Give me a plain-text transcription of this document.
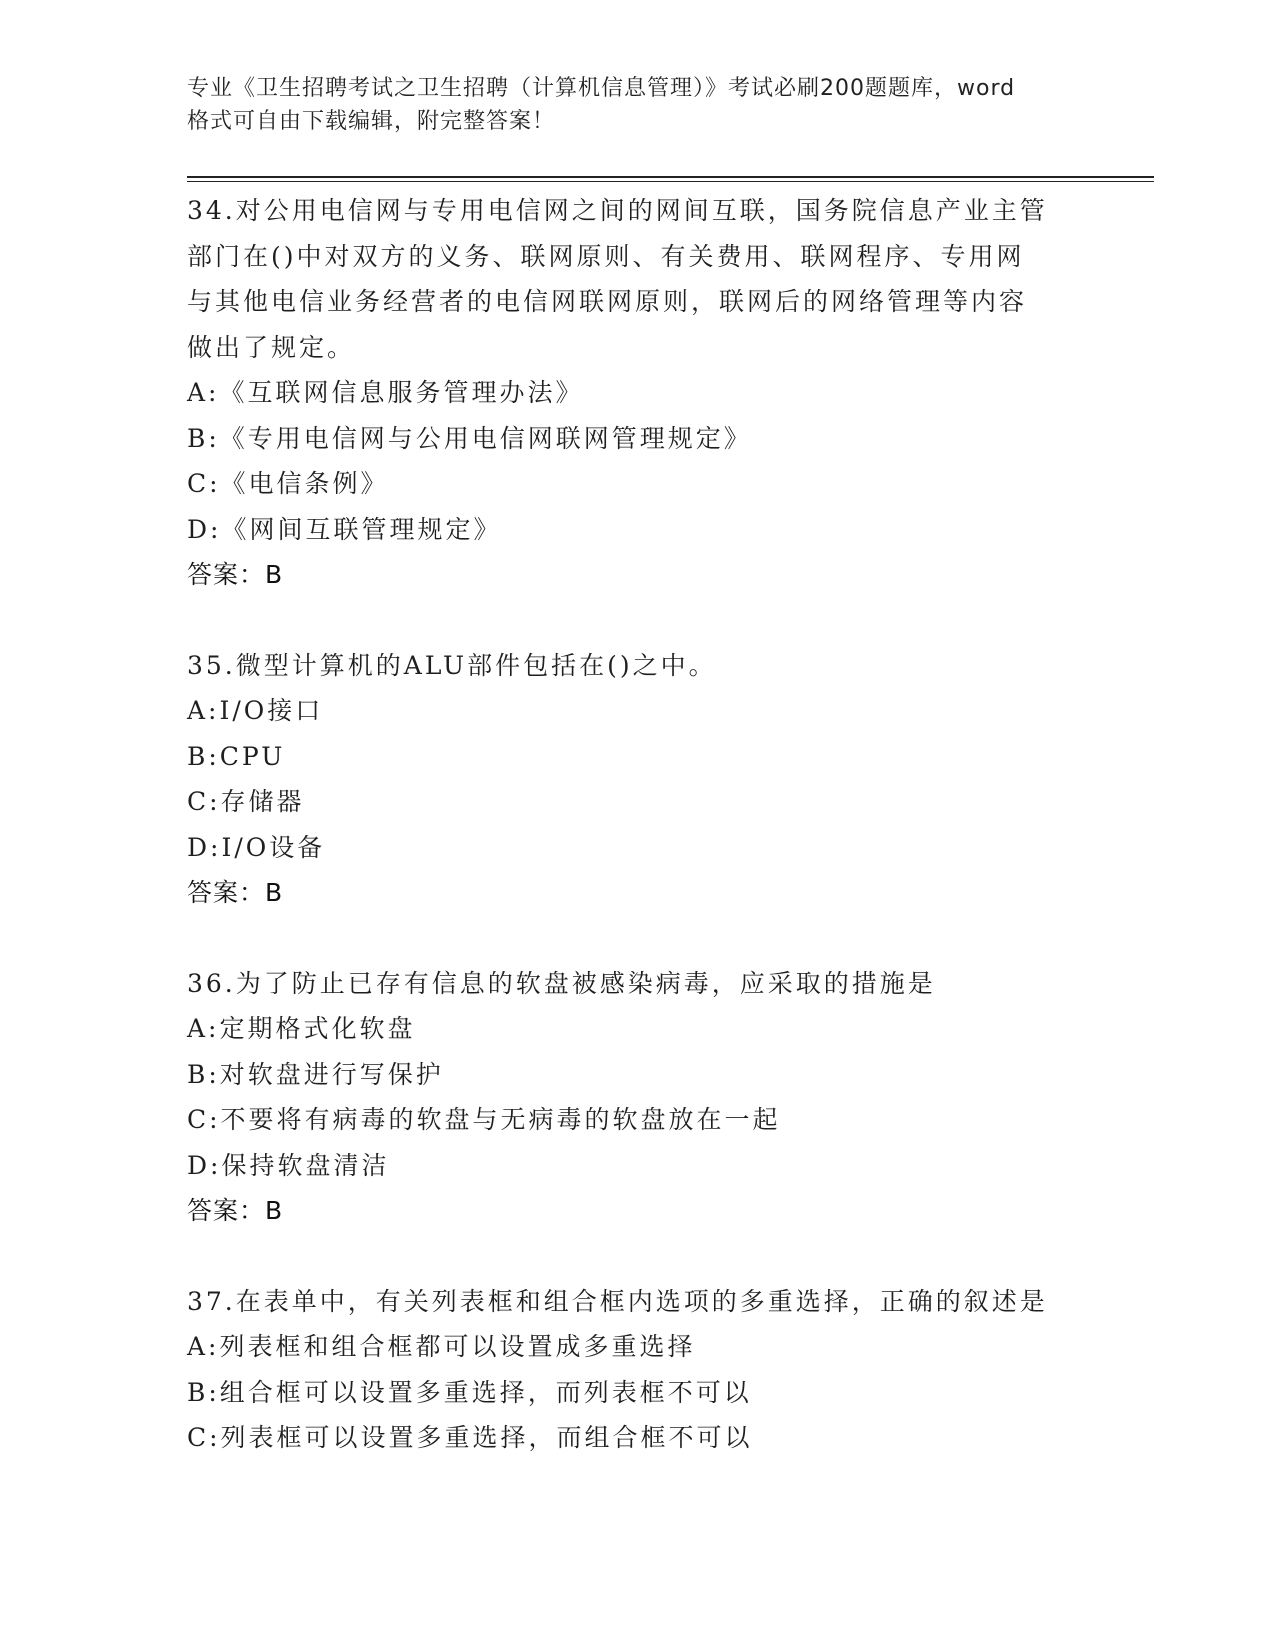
专业《卫生招聘考试之卫生招聘（计算机信息管理）》考试必刷200题题库，word
格式可自由下载编辑，附完整答案！
34.对公用电信网与专用电信网之间的网间互联，国务院信息产业主管
部门在()中对双方的义务、联网原则、有关费用、联网程序、专用网
与其他电信业务经营者的电信网联网原则，联网后的网络管理等内容
做出了规定。
A:《互联网信息服务管理办法》
B:《专用电信网与公用电信网联网管理规定》
C:《电信条例》
D:《网间互联管理规定》
答案：B
35.微型计算机的ALU部件包括在()之中。
A:I/O接口
B:CPU
C:存储器
D:I/O设备
答案：B
36.为了防止已存有信息的软盘被感染病毒，应采取的措施是
A:定期格式化软盘
B:对软盘进行写保护
C:不要将有病毒的软盘与无病毒的软盘放在一起
D:保持软盘清洁
答案：B
37.在表单中，有关列表框和组合框内选项的多重选择，正确的叙述是
A:列表框和组合框都可以设置成多重选择
B:组合框可以设置多重选择，而列表框不可以
C:列表框可以设置多重选择，而组合框不可以
